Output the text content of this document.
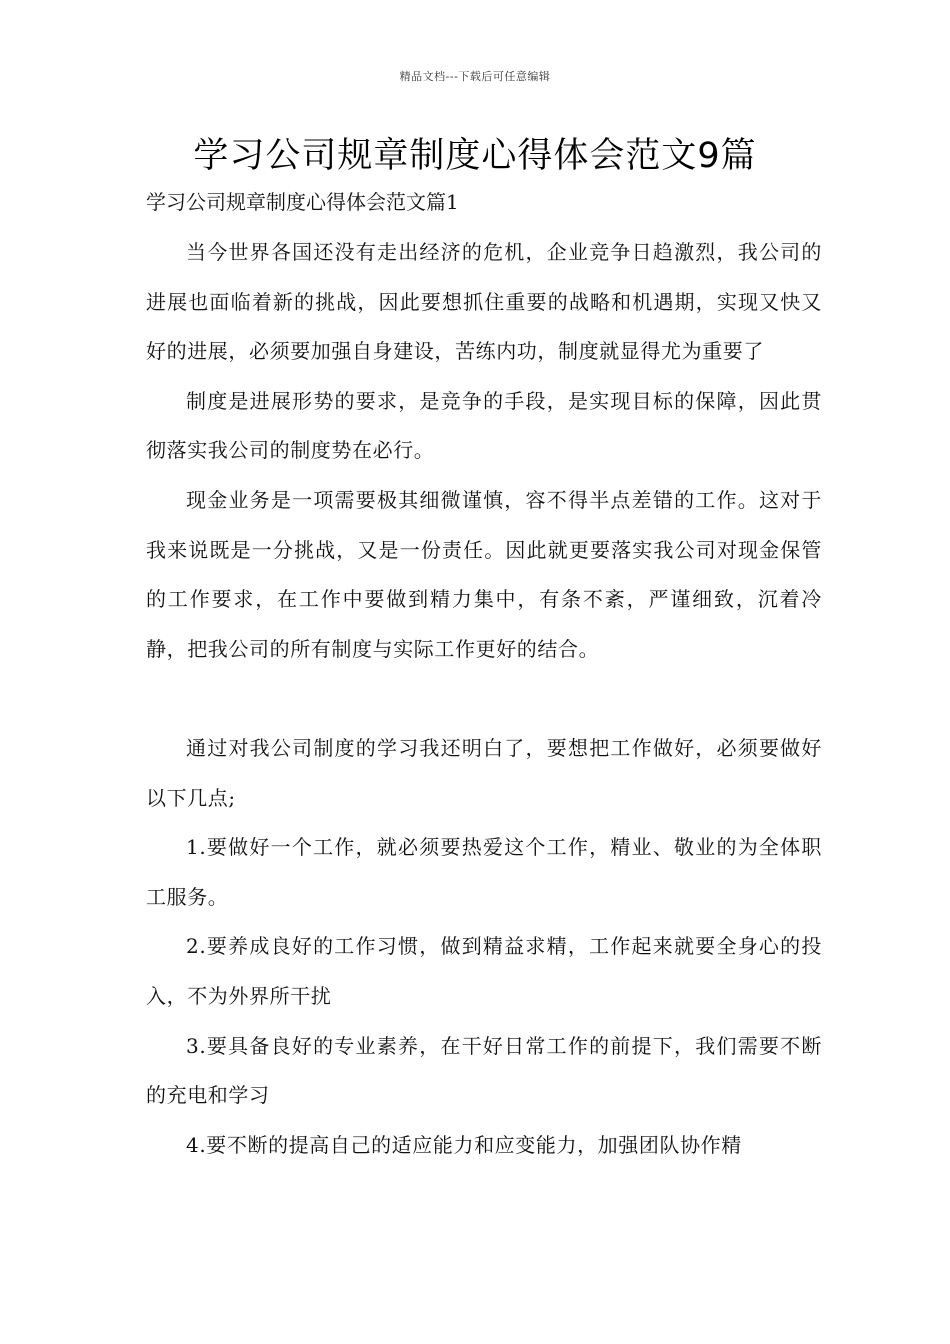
精品文档---下载后可任意编辑
学习公司规章制度心得体会范文9篇
学习公司规章制度心得体会范文篇1

当今世界各国还没有走出经济的危机，企业竞争日趋激烈，我公司的进展也面临着新的挑战，因此要想抓住重要的战略和机遇期，实现又快又好的进展，必须要加强自身建设，苦练内功，制度就显得尤为重要了

制度是进展形势的要求，是竞争的手段，是实现目标的保障，因此贯彻落实我公司的制度势在必行。

现金业务是一项需要极其细微谨慎，容不得半点差错的工作。这对于我来说既是一分挑战，又是一份责任。因此就更要落实我公司对现金保管的工作要求，在工作中要做到精力集中，有条不紊，严谨细致，沉着冷静，把我公司的所有制度与实际工作更好的结合。

通过对我公司制度的学习我还明白了，要想把工作做好，必须要做好以下几点;

1.要做好一个工作，就必须要热爱这个工作，精业、敬业的为全体职工服务。

2.要养成良好的工作习惯，做到精益求精，工作起来就要全身心的投入，不为外界所干扰

3.要具备良好的专业素养，在干好日常工作的前提下，我们需要不断的充电和学习

4.要不断的提高自己的适应能力和应变能力，加强团队协作精
